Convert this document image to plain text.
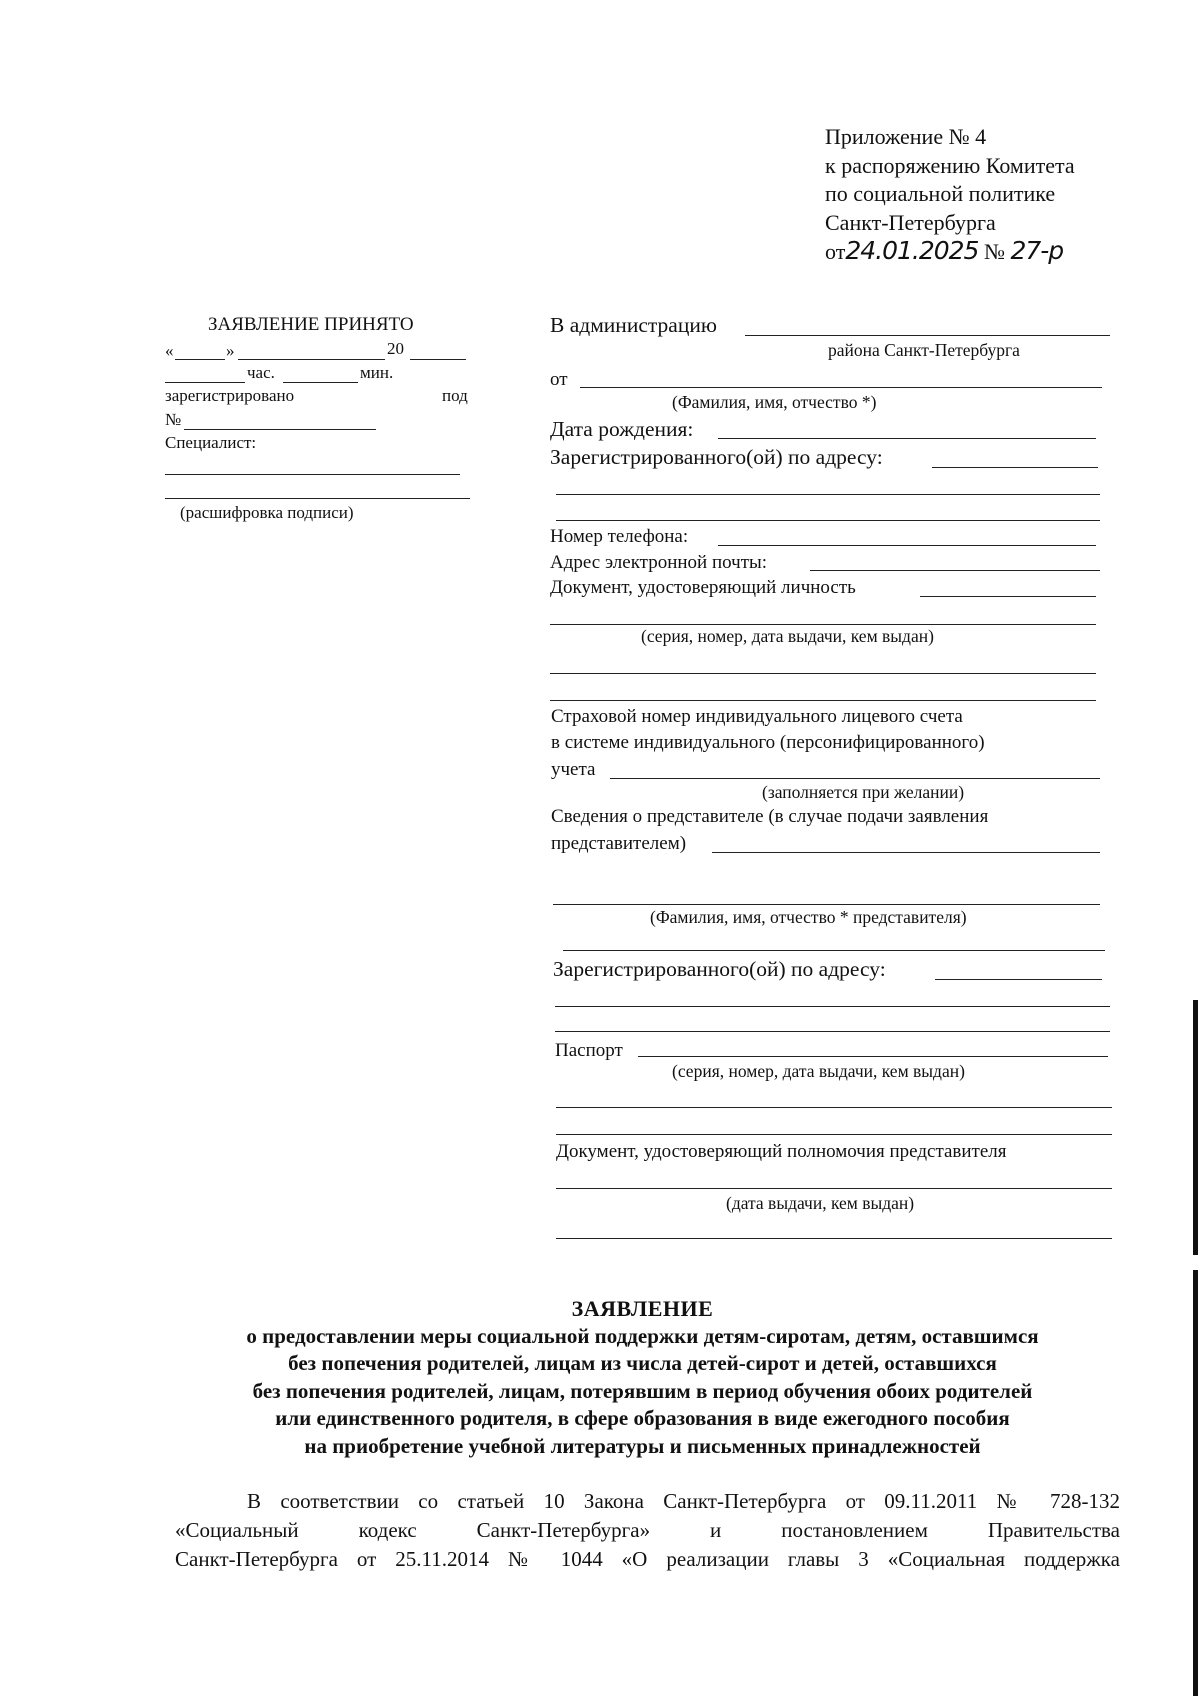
Приложение № 4
к распоряжению Комитета
по социальной политике
Санкт-Петербурга
от24.01.2025 № 27-р
ЗАЯВЛЕНИЕ ПРИНЯТО
«	»	20
час.	мин.
зарегистрировано	под
№
Специалист:
(расшифровка подписи)
В администрацию
района Санкт-Петербурга
от
(Фамилия, имя, отчество *)
Дата рождения:
Зарегистрированного(ой) по адресу:
Номер телефона:
Адрес электронной почты:
Документ, удостоверяющий личность
(серия, номер, дата выдачи, кем выдан)
Страховой номер индивидуального лицевого счета
в системе индивидуального (персонифицированного)
учета
(заполняется при желании)
Сведения о представителе (в случае подачи заявления
представителем)
(Фамилия, имя, отчество * представителя)
Зарегистрированного(ой) по адресу:
Паспорт
(серия, номер, дата выдачи, кем выдан)
Документ, удостоверяющий полномочия представителя
(дата выдачи, кем выдан)
ЗАЯВЛЕНИЕ
о предоставлении меры социальной поддержки детям-сиротам, детям, оставшимся
без попечения родителей, лицам из числа детей-сирот и детей, оставшихся
без попечения родителей, лицам, потерявшим в период обучения обоих родителей
или единственного родителя, в сфере образования в виде ежегодного пособия
на приобретение учебной литературы и письменных принадлежностей
В соответствии со статьей 10 Закона Санкт-Петербурга от 09.11.2011 № 728-132
«Социальный кодекс Санкт-Петербурга» и постановлением Правительства
Санкт-Петербурга от 25.11.2014 № 1044 «О реализации главы 3 «Социальная поддержка
